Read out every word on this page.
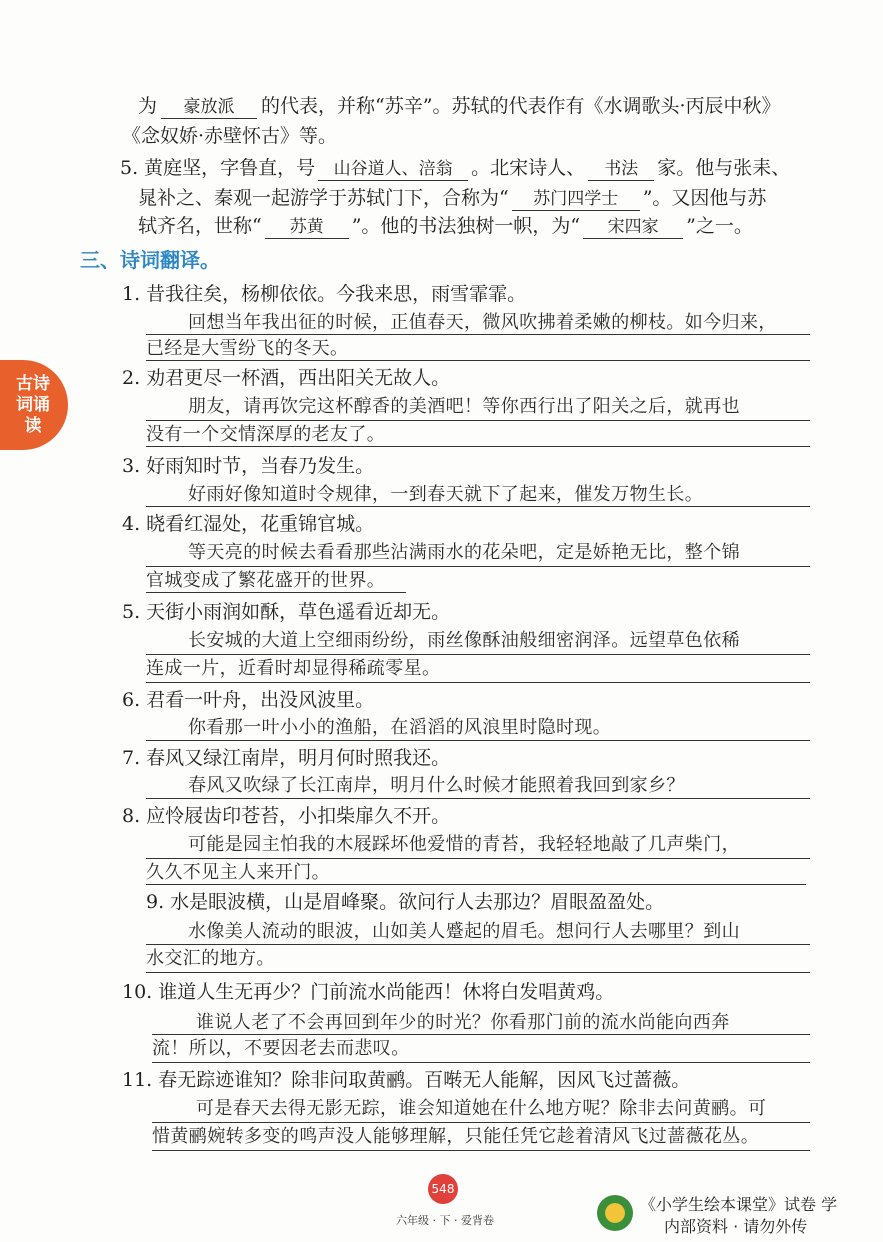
为 豪放派 的代表，并称“苏辛”。苏轼的代表作有《水调歌头·丙辰中秋》
《念奴娇·赤壁怀古》等。
5. 黄庭坚，字鲁直，号 山谷道人、涪翁 。北宋诗人、 书法 家。他与张耒、
晁补之、秦观一起游学于苏轼门下，合称为“ 苏门四学士 ”。又因他与苏
轼齐名，世称“ 苏黄 ”。他的书法独树一帜，为“ 宋四家 ”之一。
三、诗词翻译。
古诗词诵读
1. 昔我往矣，杨柳依依。今我来思，雨雪霏霏。
回想当年我出征的时候，正值春天，微风吹拂着柔嫩的柳枝。如今归来，
已经是大雪纷飞的冬天。
2. 劝君更尽一杯酒，西出阳关无故人。
朋友，请再饮完这杯醇香的美酒吧！等你西行出了阳关之后，就再也
没有一个交情深厚的老友了。
3. 好雨知时节，当春乃发生。
好雨好像知道时令规律，一到春天就下了起来，催发万物生长。
4. 晓看红湿处，花重锦官城。
等天亮的时候去看看那些沾满雨水的花朵吧，定是娇艳无比，整个锦
官城变成了繁花盛开的世界。
5. 天街小雨润如酥，草色遥看近却无。
长安城的大道上空细雨纷纷，雨丝像酥油般细密润泽。远望草色依稀
连成一片，近看时却显得稀疏零星。
6. 君看一叶舟，出没风波里。
你看那一叶小小的渔船，在滔滔的风浪里时隐时现。
7. 春风又绿江南岸，明月何时照我还。
春风又吹绿了长江南岸，明月什么时候才能照着我回到家乡？
8. 应怜屐齿印苍苔，小扣柴扉久不开。
可能是园主怕我的木屐踩坏他爱惜的青苔，我轻轻地敲了几声柴门，
久久不见主人来开门。
9. 水是眼波横，山是眉峰聚。欲问行人去那边？眉眼盈盈处。
水像美人流动的眼波，山如美人蹙起的眉毛。想问行人去哪里？到山
水交汇的地方。
10. 谁道人生无再少？门前流水尚能西！休将白发唱黄鸡。
谁说人老了不会再回到年少的时光？你看那门前的流水尚能向西奔
流！所以，不要因老去而悲叹。
11. 春无踪迹谁知？除非问取黄鹂。百啭无人能解，因风飞过蔷薇。
可是春天去得无影无踪，谁会知道她在什么地方呢？除非去问黄鹂。可
惜黄鹂婉转多变的鸣声没人能够理解，只能任凭它趁着清风飞过蔷薇花丛。
548
六年级 · 下 · 爱背卷
《小学生绘本课堂》试卷 学
内部资料 · 请勿外传
